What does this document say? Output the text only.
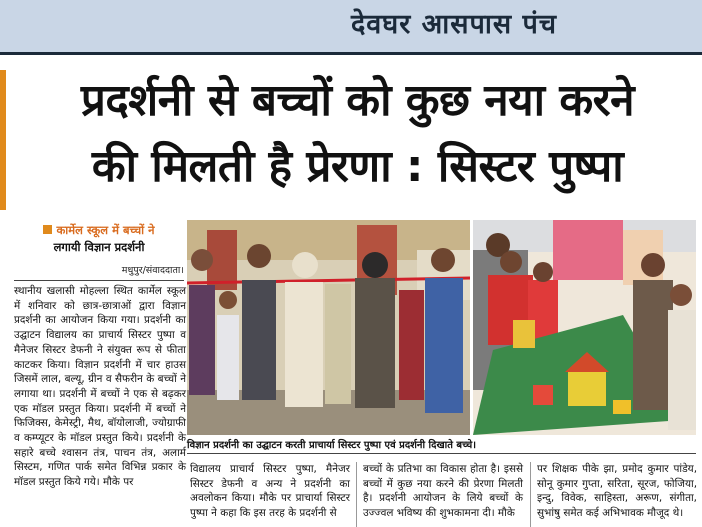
देवघर आसपास पंच
प्रदर्शनी से बच्चों को कुछ नया करने
की मिलती है प्रेरणा : सिस्टर पुष्पा
कार्मेल स्कूल में बच्चों ने
लगायी विज्ञान प्रदर्शनी
मधुपुर/संवाददाता।
स्थानीय खलासी मोहल्ला स्थित कार्मेल स्कूल में शनिवार को छात्र-छात्राओं द्वारा विज्ञान प्रदर्शनी का आयोजन किया गया। प्रदर्शनी का उद्घाटन विद्यालय का प्राचार्य सिस्टर पुष्पा व मैनेजर सिस्टर डेफनी ने संयुक्त रूप से फीता काटकर किया। विज्ञान प्रदर्शनी में चार हाउस जिसमें लाल, बल्यू, ग्रीन व सैफरीन के बच्चों ने लगाया था। प्रदर्शनी में बच्चों ने एक से बढ़कर एक मॉडल प्रस्तुत किया। प्रदर्शनी में बच्चों ने फिजिक्स, केमेस्ट्री, मैथ, बॉयोलाजी, ज्योग्राफी व कम्प्यूटर के मॉडल प्रस्तुत किये। प्रदर्शनी के सहारे बच्चे श्वासन तंत्र, पाचन तंत्र, अलार्म सिस्टम, गणित पार्क समेत विभिन्न प्रकार के मॉडल प्रस्तुत किये गये। मौके पर
विज्ञान प्रदर्शनी का उद्घाटन करती प्राचार्या सिस्टर पुष्पा एवं प्रदर्शनी दिखाते बच्चे।
विद्यालय प्राचार्य सिस्टर पुष्पा, मैनेजर सिस्टर डेफनी व अन्य ने प्रदर्शनी का अवलोकन किया। मौके पर प्राचार्या सिस्टर पुष्पा ने कहा कि इस तरह के प्रदर्शनी से
बच्चों के प्रतिभा का विकास होता है। इससे बच्चों में कुछ नया करने की प्रेरणा मिलती है। प्रदर्शनी आयोजन के लिये बच्चों के उज्ज्वल भविष्य की शुभकामना दी। मौके
पर शिक्षक पीके झा, प्रमोद कुमार पांडेय, सोनू कुमार गुप्ता, सरिता, सूरज, फोजिया, इन्दु, विवेक, साहिस्ता, अरूण, संगीता, सुभांषु समेत कई अभिभावक मौजूद थे।
